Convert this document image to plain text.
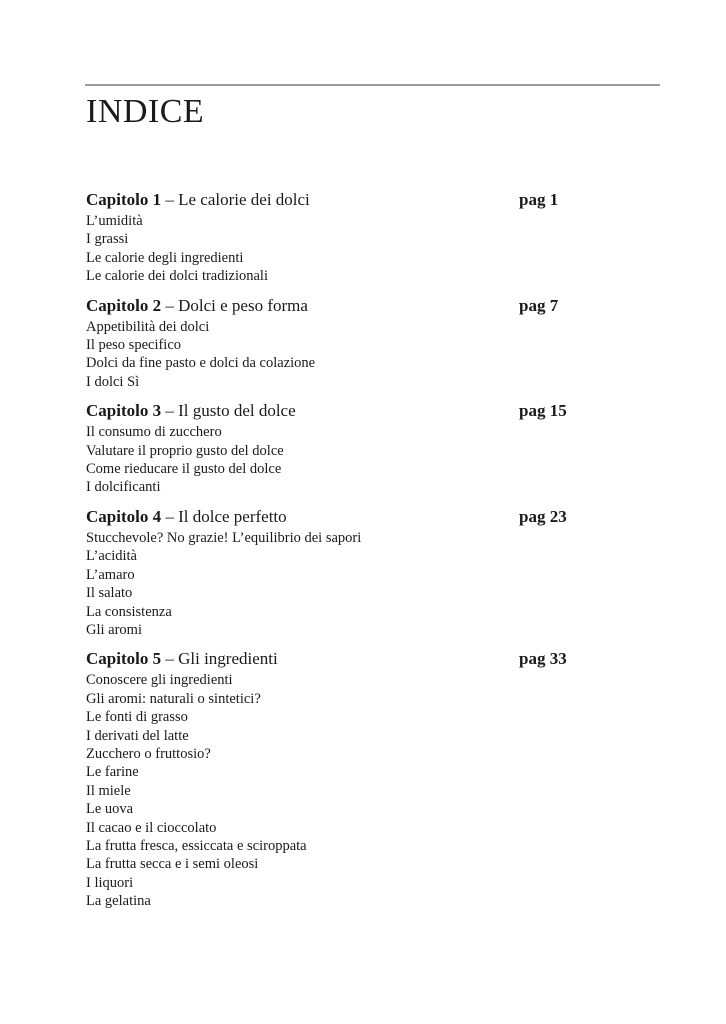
INDICE
Capitolo 1 – Le calorie dei dolci	pag 1
L’umidità
I grassi
Le calorie degli ingredienti
Le calorie dei dolci tradizionali
Capitolo 2 – Dolci e peso forma	pag 7
Appetibilità dei dolci
Il peso specifico
Dolci da fine pasto e dolci da colazione
I dolci Sì
Capitolo 3 – Il gusto del dolce	pag 15
Il consumo di zucchero
Valutare il proprio gusto del dolce
Come rieducare il gusto del dolce
I dolcificanti
Capitolo 4 – Il dolce perfetto	pag 23
Stucchevole? No grazie! L’equilibrio dei sapori
L’acidità
L’amaro
Il salato
La consistenza
Gli aromi
Capitolo 5 – Gli ingredienti	pag 33
Conoscere gli ingredienti
Gli aromi: naturali o sintetici?
Le fonti di grasso
I derivati del latte
Zucchero o fruttosio?
Le farine
Il miele
Le uova
Il cacao e il cioccolato
La frutta fresca, essiccata e sciroppata
La frutta secca e i semi oleosi
I liquori
La gelatina
